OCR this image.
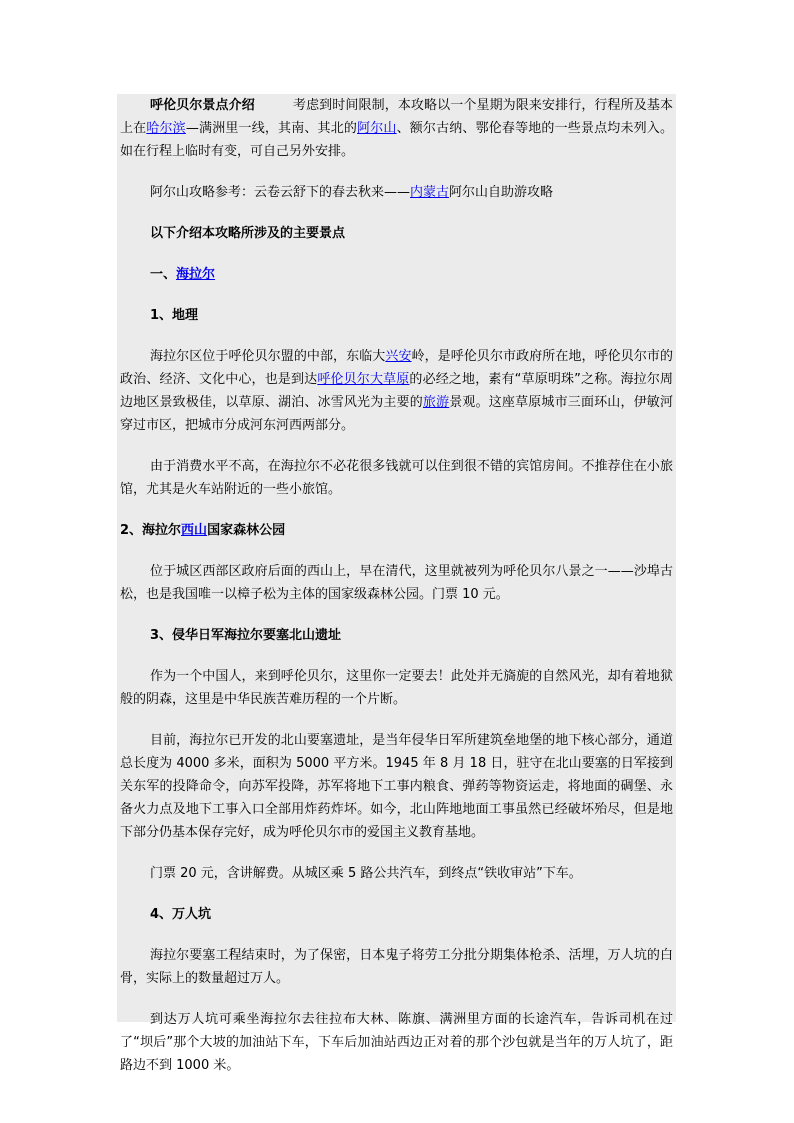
呼伦贝尔景点介绍	考虑到时间限制，本攻略以一个星期为限来安排行，行程所及基本上在哈尔滨—满洲里一线，其南、其北的阿尔山、额尔古纳、鄂伦春等地的一些景点均未列入。如在行程上临时有变，可自己另外安排。

阿尔山攻略参考：云卷云舒下的春去秋来——内蒙古阿尔山自助游攻略

以下介绍本攻略所涉及的主要景点

一、海拉尔

1、地理

海拉尔区位于呼伦贝尔盟的中部，东临大兴安岭，是呼伦贝尔市政府所在地，呼伦贝尔市的政治、经济、文化中心，也是到达呼伦贝尔大草原的必经之地，素有“草原明珠”之称。海拉尔周边地区景致极佳，以草原、湖泊、冰雪风光为主要的旅游景观。这座草原城市三面环山，伊敏河穿过市区，把城市分成河东河西两部分。

由于消费水平不高，在海拉尔不必花很多钱就可以住到很不错的宾馆房间。不推荐住在小旅馆，尤其是火车站附近的一些小旅馆。

2、海拉尔西山国家森林公园

位于城区西部区政府后面的西山上，早在清代，这里就被列为呼伦贝尔八景之一——沙埠古松，也是我国唯一以樟子松为主体的国家级森林公园。门票 10 元。

3、侵华日军海拉尔要塞北山遗址

作为一个中国人，来到呼伦贝尔，这里你一定要去！此处并无旖旎的自然风光，却有着地狱般的阴森，这里是中华民族苦难历程的一个片断。

目前，海拉尔已开发的北山要塞遗址，是当年侵华日军所建筑垒地堡的地下核心部分，通道总长度为 4000 多米，面积为 5000 平方米。1945 年 8 月 18 日，驻守在北山要塞的日军接到关东军的投降命令，向苏军投降，苏军将地下工事内粮食、弹药等物资运走，将地面的碉堡、永备火力点及地下工事入口全部用炸药炸坏。如今，北山阵地地面工事虽然已经破坏殆尽，但是地下部分仍基本保存完好，成为呼伦贝尔市的爱国主义教育基地。

门票 20 元，含讲解费。从城区乘 5 路公共汽车，到终点“铁收审站”下车。

4、万人坑

海拉尔要塞工程结束时，为了保密，日本鬼子将劳工分批分期集体枪杀、活埋，万人坑的白骨，实际上的数量超过万人。

到达万人坑可乘坐海拉尔去往拉布大林、陈旗、满洲里方面的长途汽车，告诉司机在过了“坝后”那个大坡的加油站下车，下车后加油站西边正对着的那个沙包就是当年的万人坑了，距路边不到 1000 米。
